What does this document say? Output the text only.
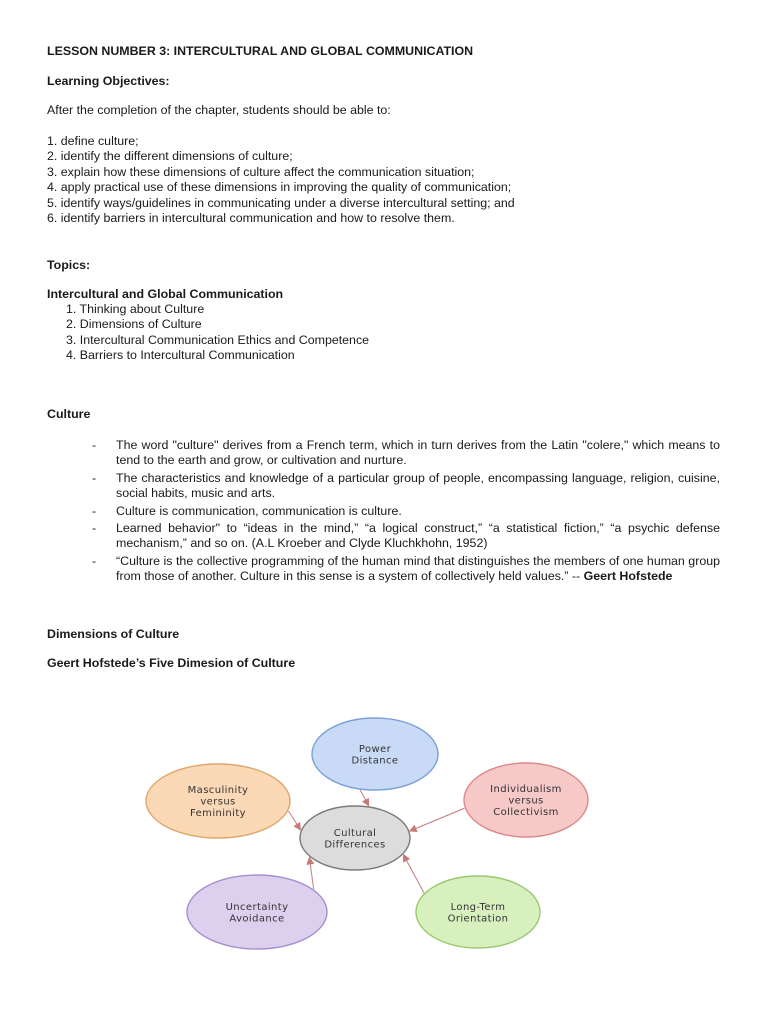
LESSON NUMBER 3: INTERCULTURAL AND GLOBAL COMMUNICATION
Learning Objectives:
After the completion of the chapter, students should be able to:
1. define culture;
2. identify the different dimensions of culture;
3. explain how these dimensions of culture affect the communication situation;
4. apply practical use of these dimensions in improving the quality of communication;
5. identify ways/guidelines in communicating under a diverse intercultural setting; and
6. identify barriers in intercultural communication and how to resolve them.
Topics:
Intercultural and Global Communication
1. Thinking about Culture
2. Dimensions of Culture
3. Intercultural Communication Ethics and Competence
4. Barriers to Intercultural Communication
Culture
- The word "culture" derives from a French term, which in turn derives from the Latin "colere," which means to tend to the earth and grow, or cultivation and nurture.
- The characteristics and knowledge of a particular group of people, encompassing language, religion, cuisine, social habits, music and arts.
- Culture is communication, communication is culture.
- Learned behavior" to “ideas in the mind,” “a logical construct,” “a statistical fiction,” “a psychic defense mechanism,” and so on. (A.L Kroeber and Clyde Kluchkhohn, 1952)
- “Culture is the collective programming of the human mind that distinguishes the members of one human group from those of another. Culture in this sense is a system of collectively held values.” -- Geert Hofstede
Dimensions of Culture
Geert Hofstede’s Five Dimesion of Culture
Power
Distance
Individualism
versus
Collectivism
Long-Term
Orientation
Uncertainty
Avoidance
Masculinity
versus
Femininity
Cultural
Differences
